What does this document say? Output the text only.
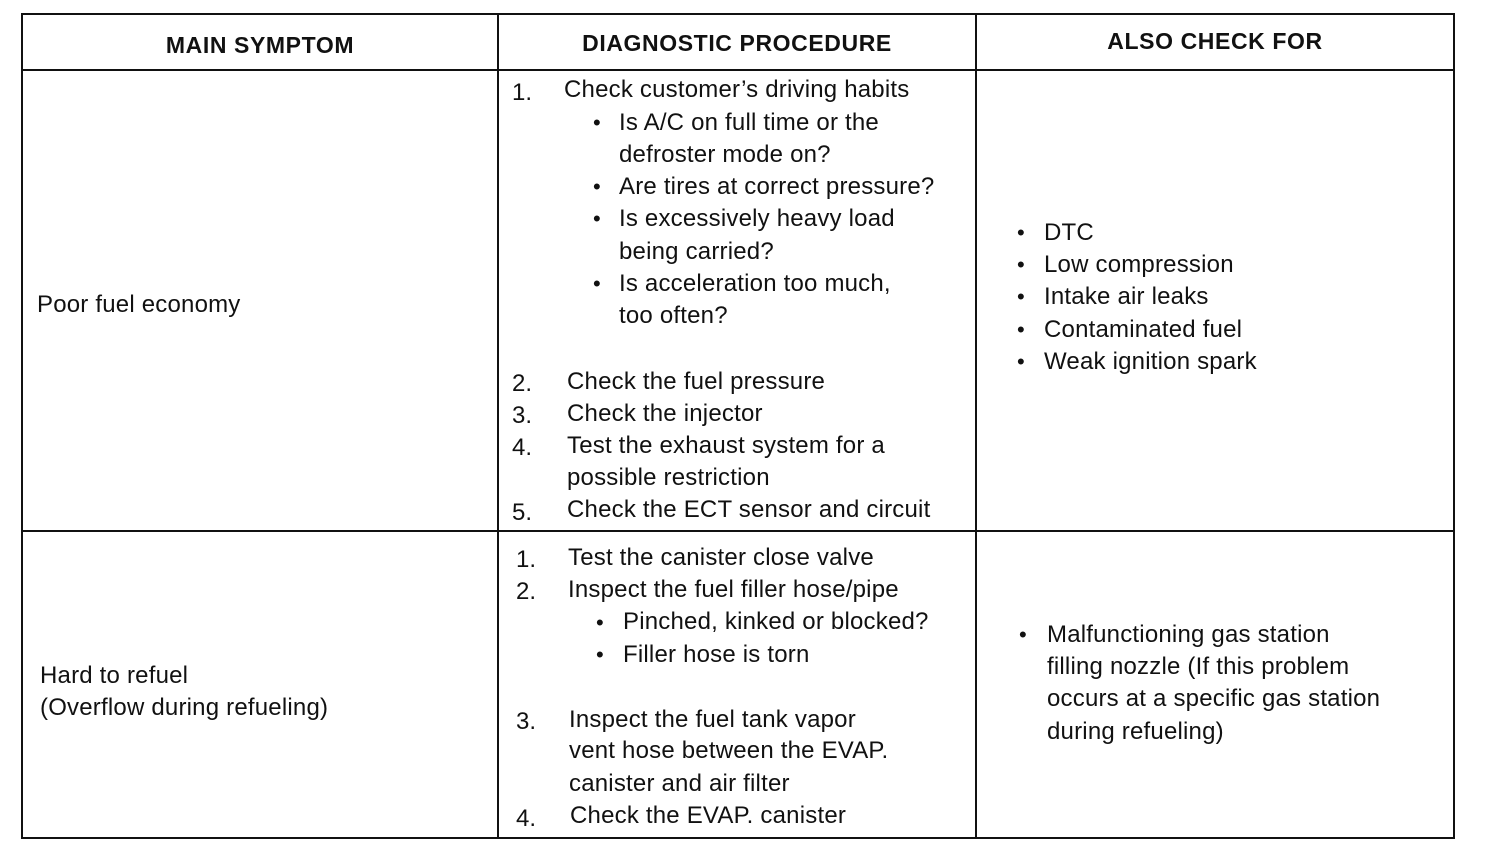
MAIN SYMPTOM	DIAGNOSTIC PROCEDURE	ALSO CHECK FOR
Poor fuel economy
1. Check customer’s driving habits
• Is A/C on full time or the
defroster mode on?
• Are tires at correct pressure?
• Is excessively heavy load
being carried?
• Is acceleration too much,
too often?
2. Check the fuel pressure
3. Check the injector
4. Test the exhaust system for a
possible restriction
5. Check the ECT sensor and circuit
• DTC
• Low compression
• Intake air leaks
• Contaminated fuel
• Weak ignition spark
Hard to refuel
(Overflow during refueling)
1. Test the canister close valve
2. Inspect the fuel filler hose/pipe
• Pinched, kinked or blocked?
• Filler hose is torn
3. Inspect the fuel tank vapor
vent hose between the EVAP.
canister and air filter
4. Check the EVAP. canister
• Malfunctioning gas station
filling nozzle (If this problem
occurs at a specific gas station
during refueling)
